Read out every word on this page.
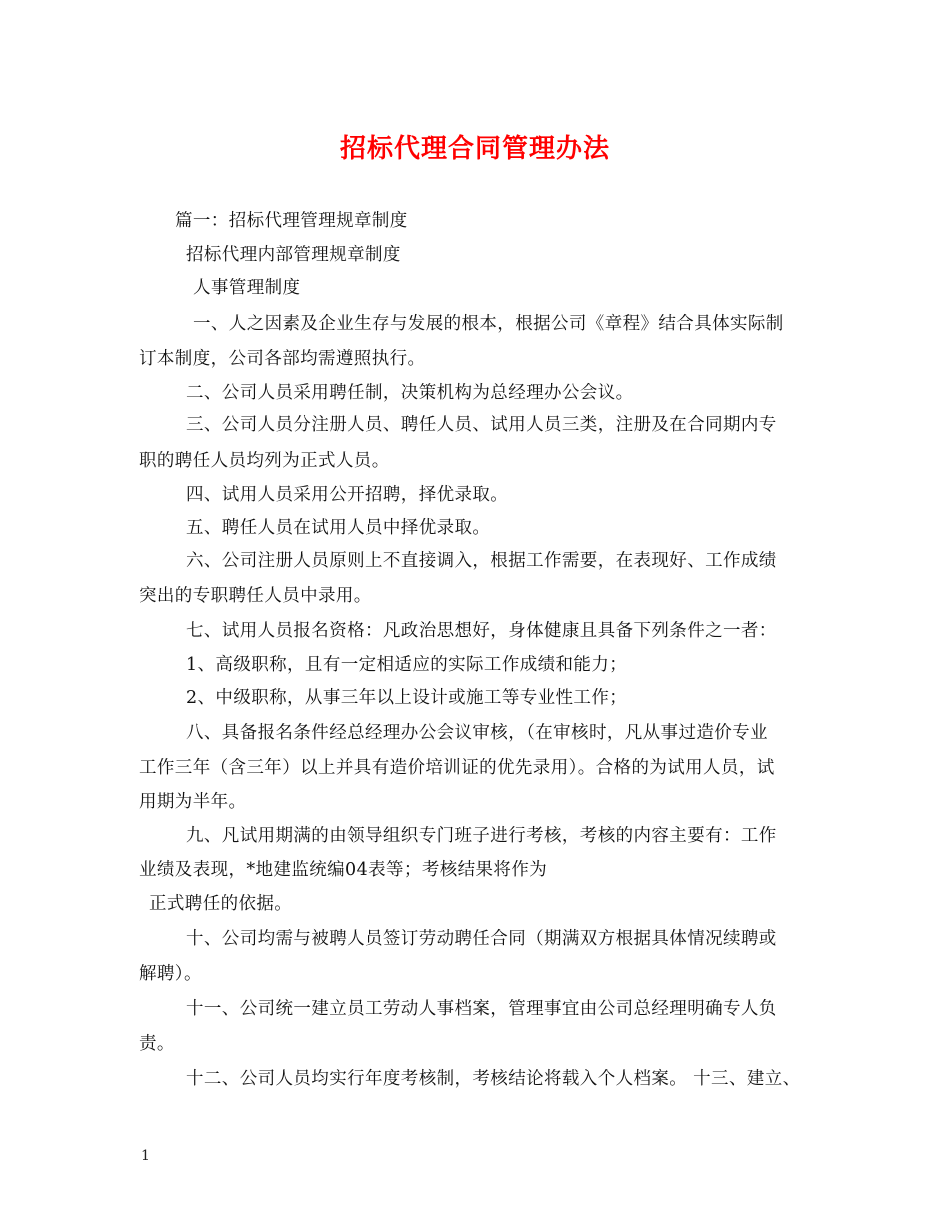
招标代理合同管理办法

篇一：招标代理管理规章制度

招标代理内部管理规章制度

人事管理制度

一、人之因素及企业生存与发展的根本，根据公司《章程》结合具体实际制

订本制度，公司各部均需遵照执行。

二、公司人员采用聘任制，决策机构为总经理办公会议。

三、公司人员分注册人员、聘任人员、试用人员三类，注册及在合同期内专

职的聘任人员均列为正式人员。

四、试用人员采用公开招聘，择优录取。

五、聘任人员在试用人员中择优录取。

六、公司注册人员原则上不直接调入，根据工作需要，在表现好、工作成绩

突出的专职聘任人员中录用。

七、试用人员报名资格：凡政治思想好，身体健康且具备下列条件之一者：

1、高级职称，且有一定相适应的实际工作成绩和能力；

2、中级职称，从事三年以上设计或施工等专业性工作；

八、具备报名条件经总经理办公会议审核，（在审核时，凡从事过造价专业

工作三年（含三年）以上并具有造价培训证的优先录用）。合格的为试用人员，试

用期为半年。

九、凡试用期满的由领导组织专门班子进行考核，考核的内容主要有：工作

业绩及表现，*地建监统编04表等；考核结果将作为

正式聘任的依据。

十、公司均需与被聘人员签订劳动聘任合同（期满双方根据具体情况续聘或

解聘）。

十一、公司统一建立员工劳动人事档案，管理事宜由公司总经理明确专人负

责。

十二、公司人员均实行年度考核制，考核结论将载入个人档案。 十三、建立、

1
